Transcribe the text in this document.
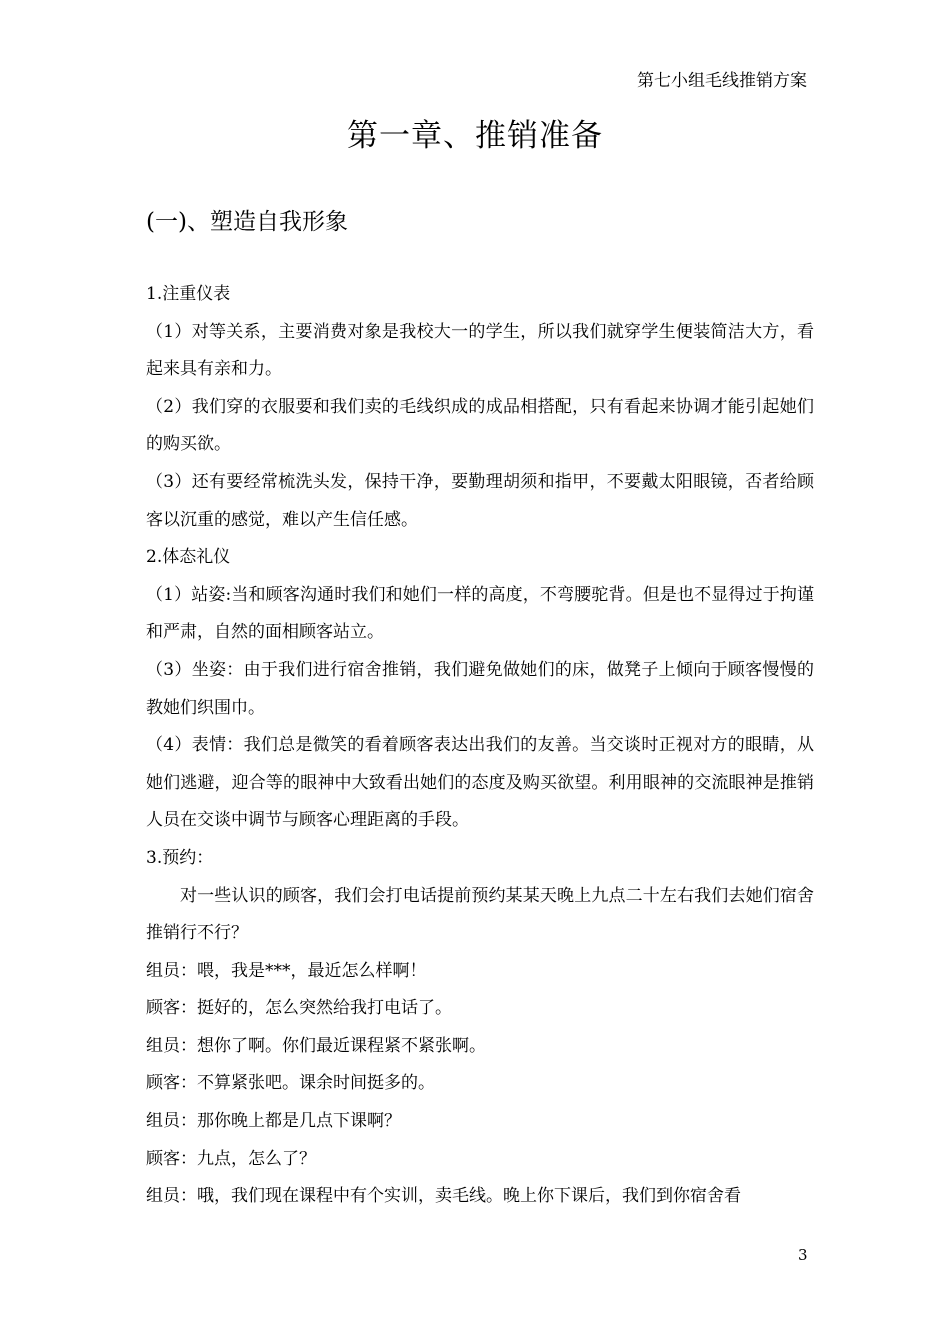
第七小组毛线推销方案
第一章、推销准备
(一)、塑造自我形象

1.注重仪表

（1）对等关系，主要消费对象是我校大一的学生，所以我们就穿学生便装简洁大方，看起来具有亲和力。

（2）我们穿的衣服要和我们卖的毛线织成的成品相搭配，只有看起来协调才能引起她们的购买欲。

（3）还有要经常梳洗头发，保持干净，要勤理胡须和指甲，不要戴太阳眼镜，否者给顾客以沉重的感觉，难以产生信任感。

2.体态礼仪

（1）站姿:当和顾客沟通时我们和她们一样的高度，不弯腰驼背。但是也不显得过于拘谨和严肃，自然的面相顾客站立。

（3）坐姿：由于我们进行宿舍推销，我们避免做她们的床，做凳子上倾向于顾客慢慢的教她们织围巾。

（4）表情：我们总是微笑的看着顾客表达出我们的友善。当交谈时正视对方的眼睛，从她们逃避，迎合等的眼神中大致看出她们的态度及购买欲望。利用眼神的交流眼神是推销人员在交谈中调节与顾客心理距离的手段。

3.预约：

对一些认识的顾客，我们会打电话提前预约某某天晚上九点二十左右我们去她们宿舍推销行不行？

组员：喂，我是***，最近怎么样啊！

顾客：挺好的，怎么突然给我打电话了。

组员：想你了啊。你们最近课程紧不紧张啊。

顾客：不算紧张吧。课余时间挺多的。

组员：那你晚上都是几点下课啊？

顾客：九点，怎么了？

组员：哦，我们现在课程中有个实训，卖毛线。晚上你下课后，我们到你宿舍看

3
